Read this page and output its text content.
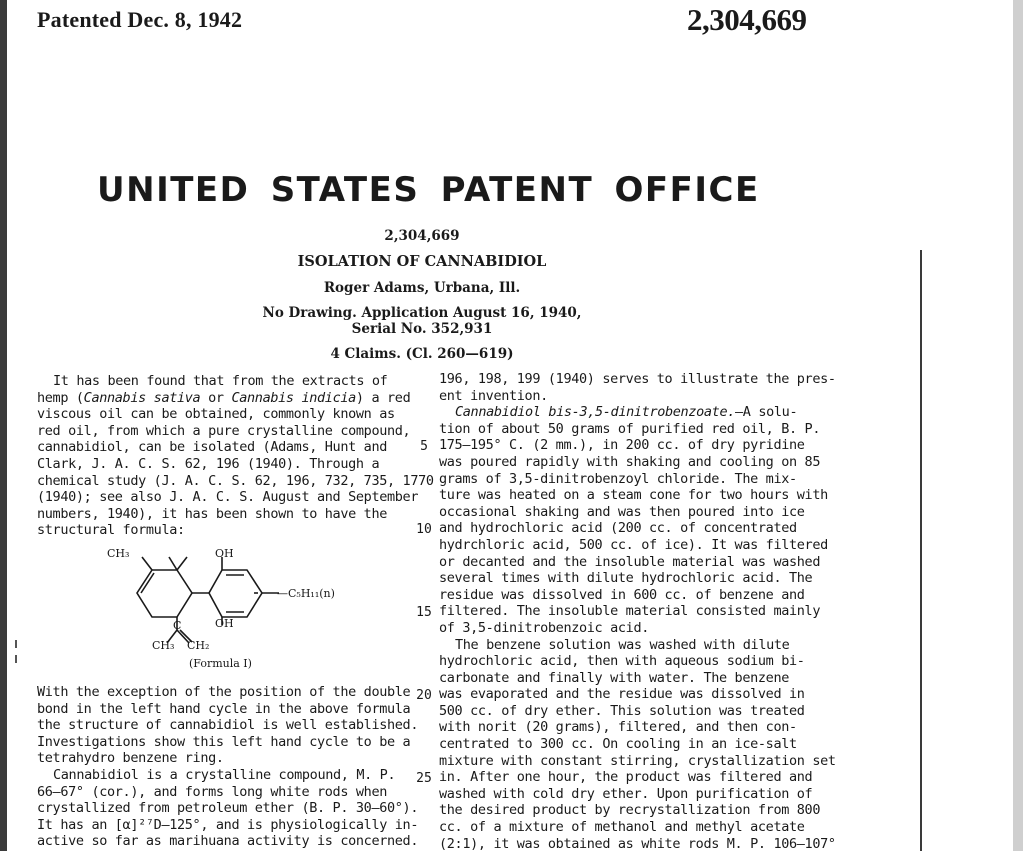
Patented Dec. 8, 1942	2,304,669
UNITED STATES PATENT OFFICE
2,304,669
ISOLATION OF CANNABIDIOL
Roger Adams, Urbana, Ill.
No Drawing. Application August 16, 1940,
Serial No. 352,931
4 Claims. (Cl. 260—619)
It has been found that from the extracts of
hemp (Cannabis sativa or Cannabis indicia) a red
viscous oil can be obtained, commonly known as
red oil, from which a pure crystalline compound,
cannabidiol, can be isolated (Adams, Hunt and
Clark, J. A. C. S. 62, 196 (1940). Through a
chemical study (J. A. C. S. 62, 196, 732, 735, 1770
(1940); see also J. A. C. S. August and September
numbers, 1940), it has been shown to have the
structural formula:
CH₃	OH
—C₅H₁₁(n)
OH
C
CH₃ CH₂
(Formula I)
With the exception of the position of the double
bond in the left hand cycle in the above formula
the structure of cannabidiol is well established.
Investigations show this left hand cycle to be a
tetrahydro benzene ring.
Cannabidiol is a crystalline compound, M. P.
66–67° (cor.), and forms long white rods when
crystallized from petroleum ether (B. P. 30–60°).
It has an [α]²⁷D–125°, and is physiologically in-
active so far as marihuana activity is concerned.
5
10
15
20
25
196, 198, 199 (1940) serves to illustrate the pres-
ent invention.
Cannabidiol bis-3,5-dinitrobenzoate.—A solu-
tion of about 50 grams of purified red oil, B. P.
175–195° C. (2 mm.), in 200 cc. of dry pyridine
was poured rapidly with shaking and cooling on 85
grams of 3,5-dinitrobenzoyl chloride. The mix-
ture was heated on a steam cone for two hours with
occasional shaking and was then poured into ice
and hydrochloric acid (200 cc. of concentrated
hydrchloric acid, 500 cc. of ice). It was filtered
or decanted and the insoluble material was washed
several times with dilute hydrochloric acid. The
residue was dissolved in 600 cc. of benzene and
filtered. The insoluble material consisted mainly
of 3,5-dinitrobenzoic acid.
The benzene solution was washed with dilute
hydrochloric acid, then with aqueous sodium bi-
carbonate and finally with water. The benzene
was evaporated and the residue was dissolved in
500 cc. of dry ether. This solution was treated
with norit (20 grams), filtered, and then con-
centrated to 300 cc. On cooling in an ice-salt
mixture with constant stirring, crystallization set
in. After one hour, the product was filtered and
washed with cold dry ether. Upon purification of
the desired product by recrystallization from 800
cc. of a mixture of methanol and methyl acetate
(2:1), it was obtained as white rods M. P. 106–107°
